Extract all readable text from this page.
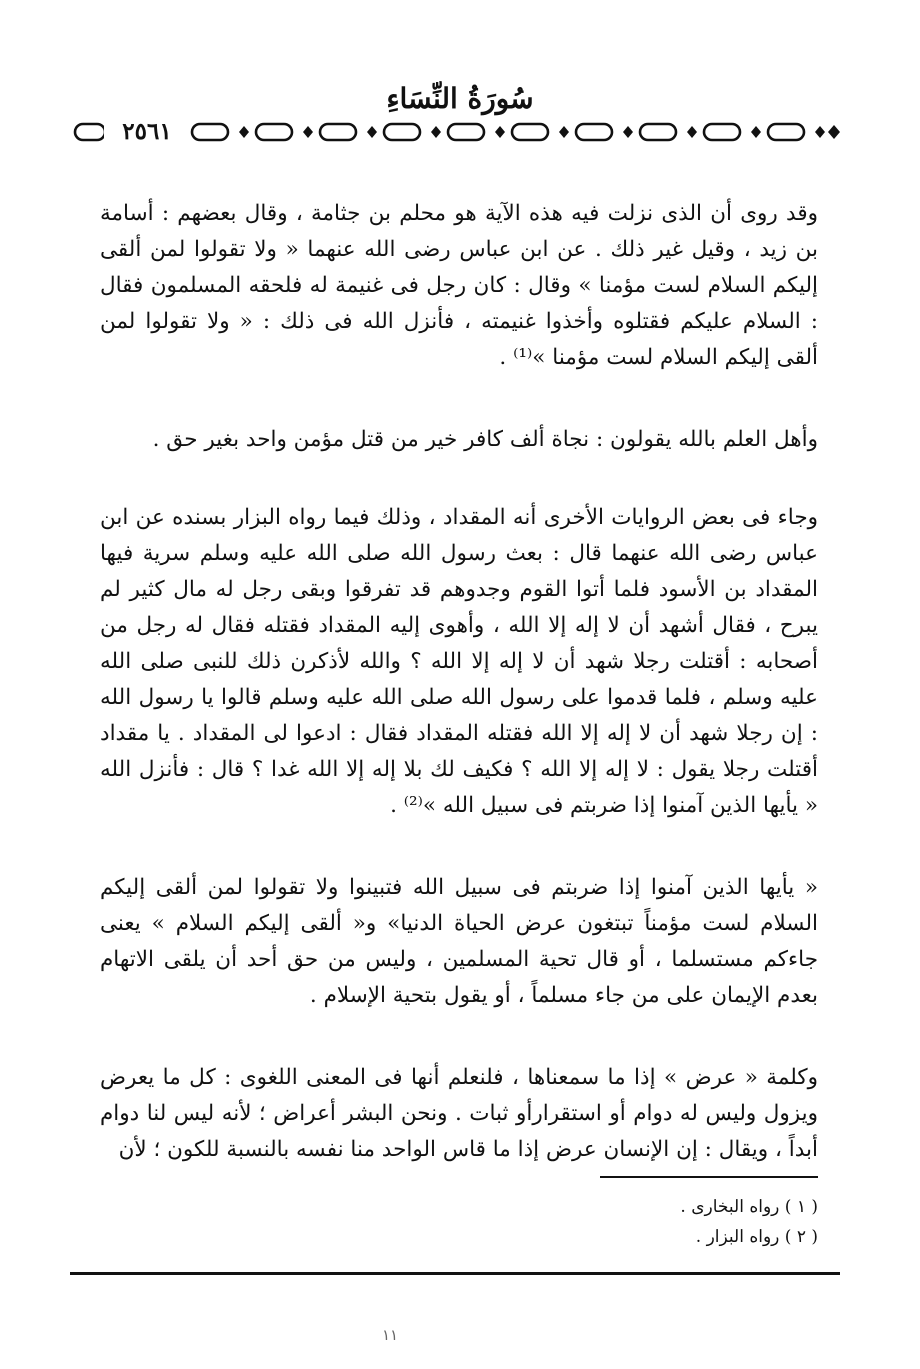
سُورَةُ النِّسَاءِ
٢٥٦١

وقد روى أن الذى نزلت فيه هذه الآية هو محلم بن جثامة ، وقال بعضهم : أسامة بن زيد ، وقيل غير ذلك . عن ابن عباس رضى الله عنهما « ولا تقولوا لمن ألقى إليكم السلام لست مؤمنا » وقال : كان رجل فى غنيمة له فلحقه المسلمون فقال : السلام عليكم فقتلوه وأخذوا غنيمته ، فأنزل الله فى ذلك : « ولا تقولوا لمن ألقى إليكم السلام لست مؤمنا »⁽¹⁾ .

وأهل العلم بالله يقولون : نجاة ألف كافر خير من قتل مؤمن واحد بغير حق .

وجاء فى بعض الروايات الأخرى أنه المقداد ، وذلك فيما رواه البزار بسنده عن ابن عباس رضى الله عنهما قال : بعث رسول الله صلى الله عليه وسلم سرية فيها المقداد بن الأسود فلما أتوا القوم وجدوهم قد تفرقوا وبقى رجل له مال كثير لم يبرح ، فقال أشهد أن لا إله إلا الله ، وأهوى إليه المقداد فقتله فقال له رجل من أصحابه : أقتلت رجلا شهد أن لا إله إلا الله ؟ والله لأذكرن ذلك للنبى صلى الله عليه وسلم ، فلما قدموا على رسول الله صلى الله عليه وسلم قالوا يا رسول الله : إن رجلا شهد أن لا إله إلا الله فقتله المقداد فقال : ادعوا لى المقداد . يا مقداد أقتلت رجلا يقول : لا إله إلا الله ؟ فكيف لك بلا إله إلا الله غدا ؟ قال : فأنزل الله « يأيها الذين آمنوا إذا ضربتم فى سبيل الله »⁽²⁾ .

« يأيها الذين آمنوا إذا ضربتم فى سبيل الله فتبينوا ولا تقولوا لمن ألقى إليكم السلام لست مؤمناً تبتغون عرض الحياة الدنيا» و« ألقى إليكم السلام » يعنى جاءكم مستسلما ، أو قال تحية المسلمين ، وليس من حق أحد أن يلقى الاتهام بعدم الإيمان على من جاء مسلماً ، أو يقول بتحية الإسلام .

وكلمة « عرض » إذا ما سمعناها ، فلنعلم أنها فى المعنى اللغوى : كل ما يعرض ويزول وليس له دوام أو استقرارأو ثبات . ونحن البشر أعراض ؛ لأنه ليس لنا دوام أبداً ، ويقال : إن الإنسان عرض إذا ما قاس الواحد منا نفسه بالنسبة للكون ؛ لأن

( ١ ) رواه البخارى .
( ٢ ) رواه البزار .
١١
